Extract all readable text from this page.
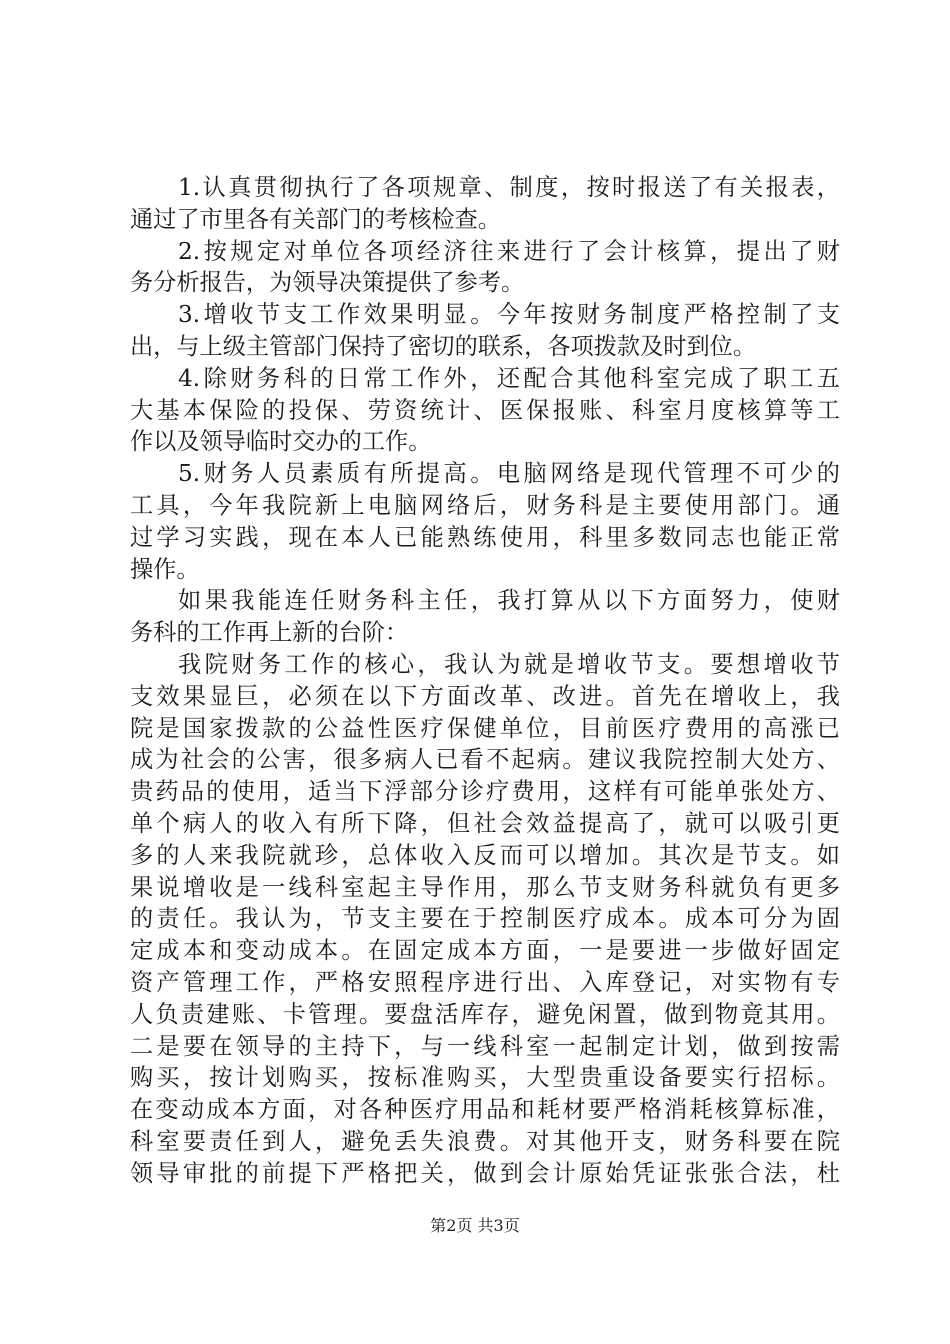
1.认真贯彻执行了各项规章、制度，按时报送了有关报表，
通过了市里各有关部门的考核检查。
2.按规定对单位各项经济往来进行了会计核算，提出了财
务分析报告，为领导决策提供了参考。
3.增收节支工作效果明显。今年按财务制度严格控制了支
出，与上级主管部门保持了密切的联系，各项拨款及时到位。
4.除财务科的日常工作外，还配合其他科室完成了职工五
大基本保险的投保、劳资统计、医保报账、科室月度核算等工
作以及领导临时交办的工作。
5.财务人员素质有所提高。电脑网络是现代管理不可少的
工具，今年我院新上电脑网络后，财务科是主要使用部门。通
过学习实践，现在本人已能熟练使用，科里多数同志也能正常
操作。
如果我能连任财务科主任，我打算从以下方面努力，使财
务科的工作再上新的台阶：
我院财务工作的核心，我认为就是增收节支。要想增收节
支效果显巨，必须在以下方面改革、改进。首先在增收上，我
院是国家拨款的公益性医疗保健单位，目前医疗费用的高涨已
成为社会的公害，很多病人已看不起病。建议我院控制大处方、
贵药品的使用，适当下浮部分诊疗费用，这样有可能单张处方、
单个病人的收入有所下降，但社会效益提高了，就可以吸引更
多的人来我院就珍，总体收入反而可以增加。其次是节支。如
果说增收是一线科室起主导作用，那么节支财务科就负有更多
的责任。我认为，节支主要在于控制医疗成本。成本可分为固
定成本和变动成本。在固定成本方面，一是要进一步做好固定
资产管理工作，严格安照程序进行出、入库登记，对实物有专
人负责建账、卡管理。要盘活库存，避免闲置，做到物竟其用。
二是要在领导的主持下，与一线科室一起制定计划，做到按需
购买，按计划购买，按标准购买，大型贵重设备要实行招标。
在变动成本方面，对各种医疗用品和耗材要严格消耗核算标准，
科室要责任到人，避免丢失浪费。对其他开支，财务科要在院
领导审批的前提下严格把关，做到会计原始凭证张张合法，杜
第2页 共3页
